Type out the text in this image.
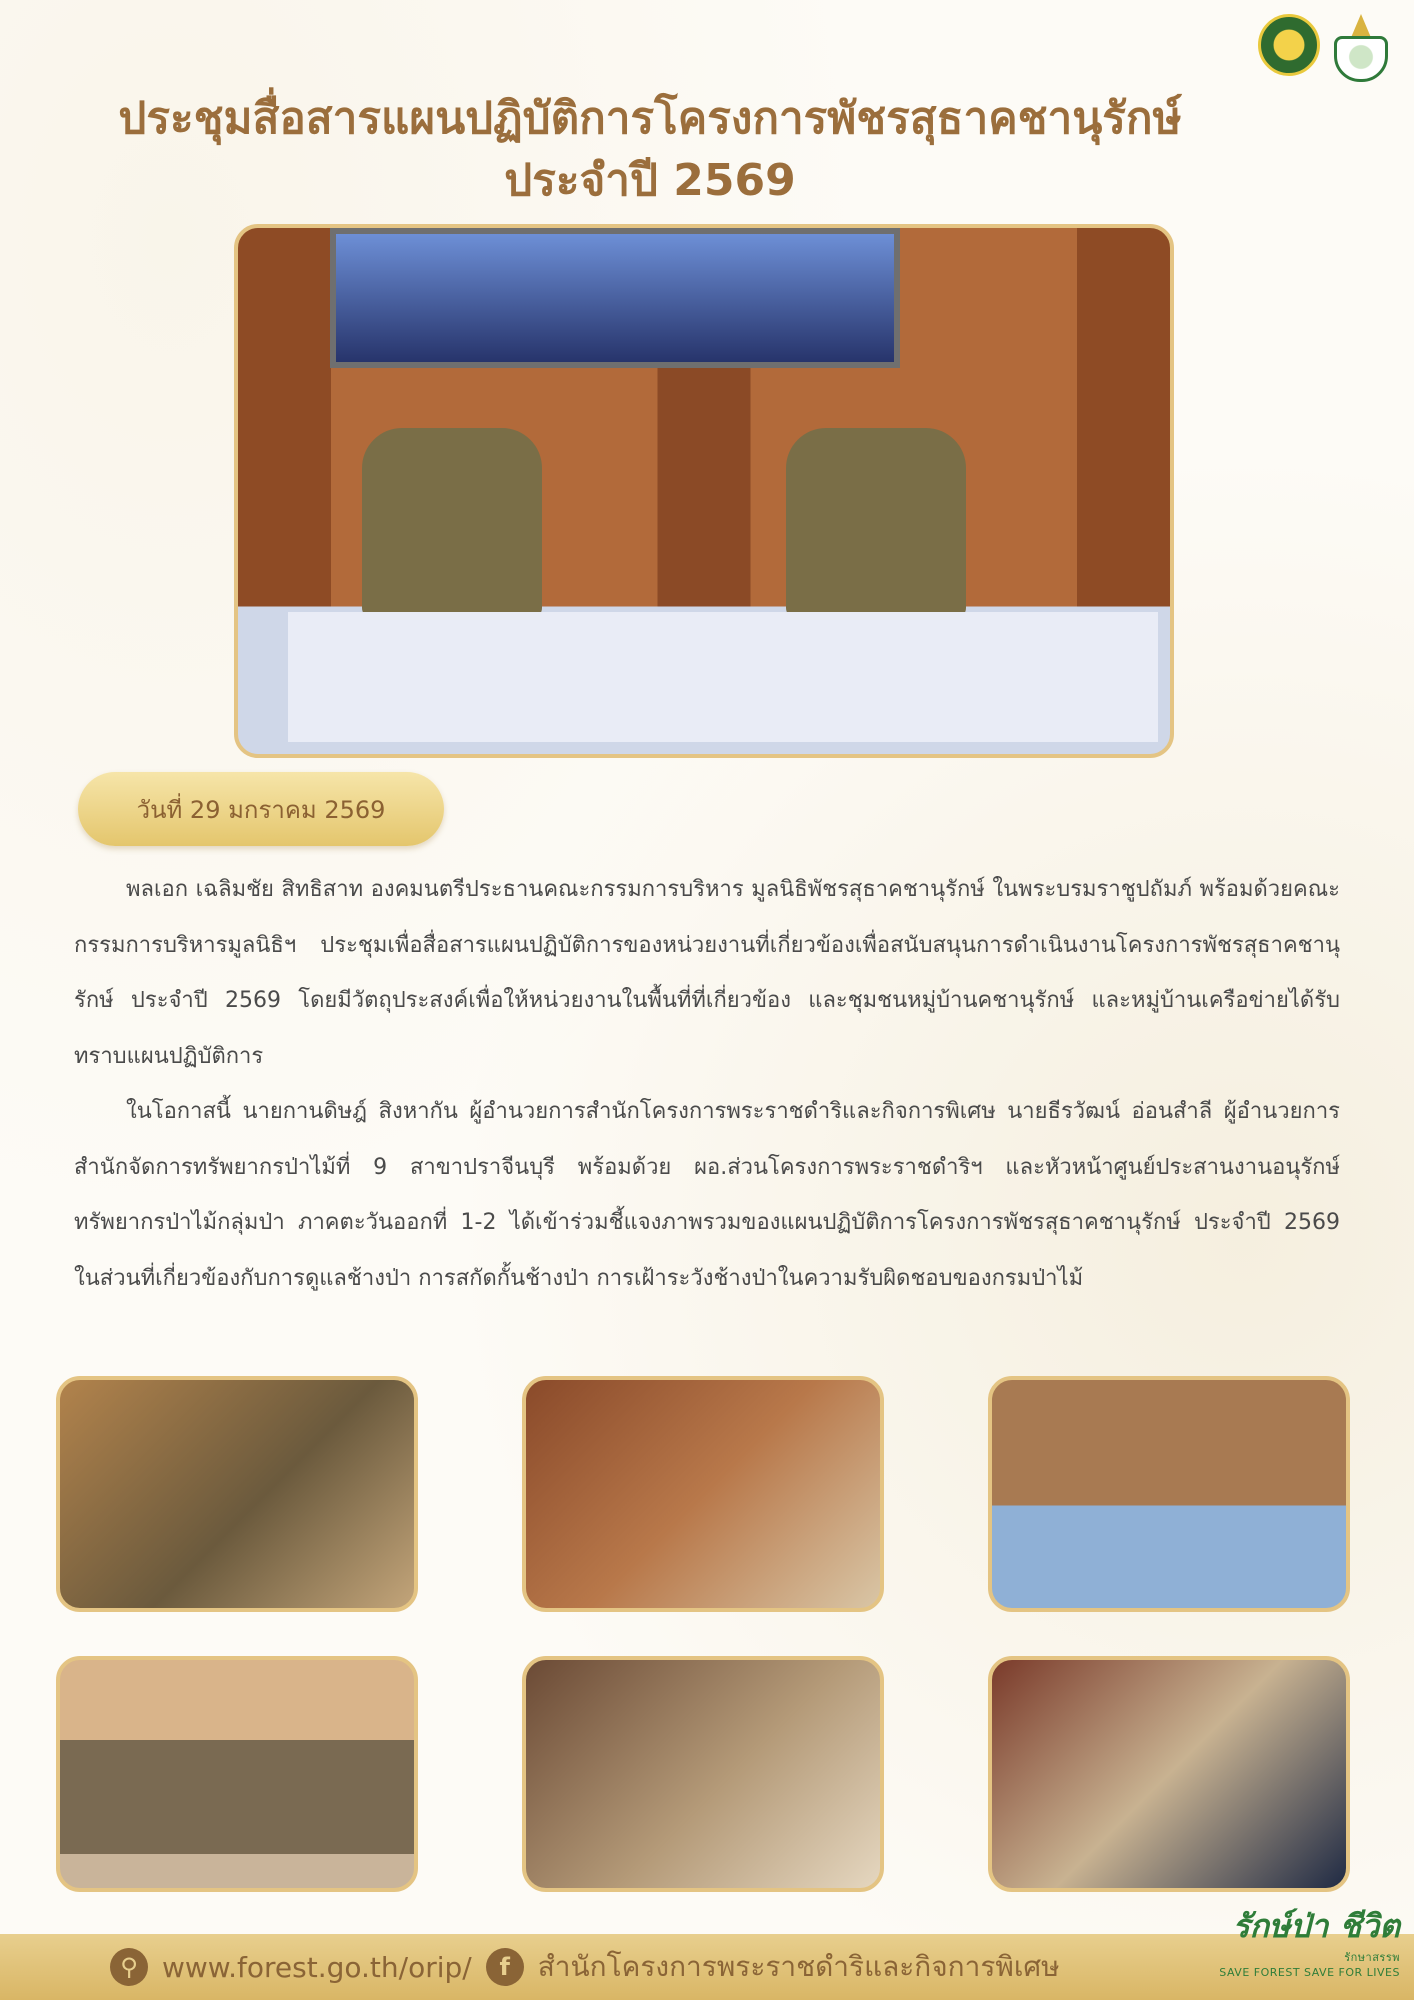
ประชุมสื่อสารแผนปฏิบัติการโครงการพัชรสุธาคชานุรักษ์
ประจำปี 2569
วันที่ 29 มกราคม 2569

พลเอก เฉลิมชัย สิทธิสาท องคมนตรีประธานคณะกรรมการบริหาร มูลนิธิพัชรสุธาคชานุรักษ์ ในพระบรมราชูปถัมภ์ พร้อมด้วยคณะกรรมการบริหารมูลนิธิฯ ประชุมเพื่อสื่อสารแผนปฏิบัติการของหน่วยงานที่เกี่ยวข้องเพื่อสนับสนุนการดำเนินงานโครงการพัชรสุธาคชานุรักษ์ ประจำปี 2569 โดยมีวัตถุประสงค์เพื่อให้หน่วยงานในพื้นที่ที่เกี่ยวข้อง และชุมชนหมู่บ้านคชานุรักษ์ และหมู่บ้านเครือข่ายได้รับทราบแผนปฏิบัติการ

ในโอกาสนี้ นายกานดิษฎ์ สิงหากัน ผู้อำนวยการสำนักโครงการพระราชดำริและกิจการพิเศษ นายธีรวัฒน์ อ่อนสำลี ผู้อำนวยการสำนักจัดการทรัพยากรป่าไม้ที่ 9 สาขาปราจีนบุรี พร้อมด้วย ผอ.ส่วนโครงการพระราชดำริฯ และหัวหน้าศูนย์ประสานงานอนุรักษ์ทรัพยากรป่าไม้กลุ่มป่า ภาคตะวันออกที่ 1-2 ได้เข้าร่วมชี้แจงภาพรวมของแผนปฏิบัติการโครงการพัชรสุธาคชานุรักษ์ ประจำปี 2569 ในส่วนที่เกี่ยวข้องกับการดูแลช้างป่า การสกัดกั้นช้างป่า การเฝ้าระวังช้างป่าในความรับผิดชอบของกรมป่าไม้

⚲ www.forest.go.th/orip/	f สำนักโครงการพระราชดำริและกิจการพิเศษ
รักษ์ป่า ชีวิต
รักษาสรรพ
SAVE FOREST SAVE FOR LIVES
